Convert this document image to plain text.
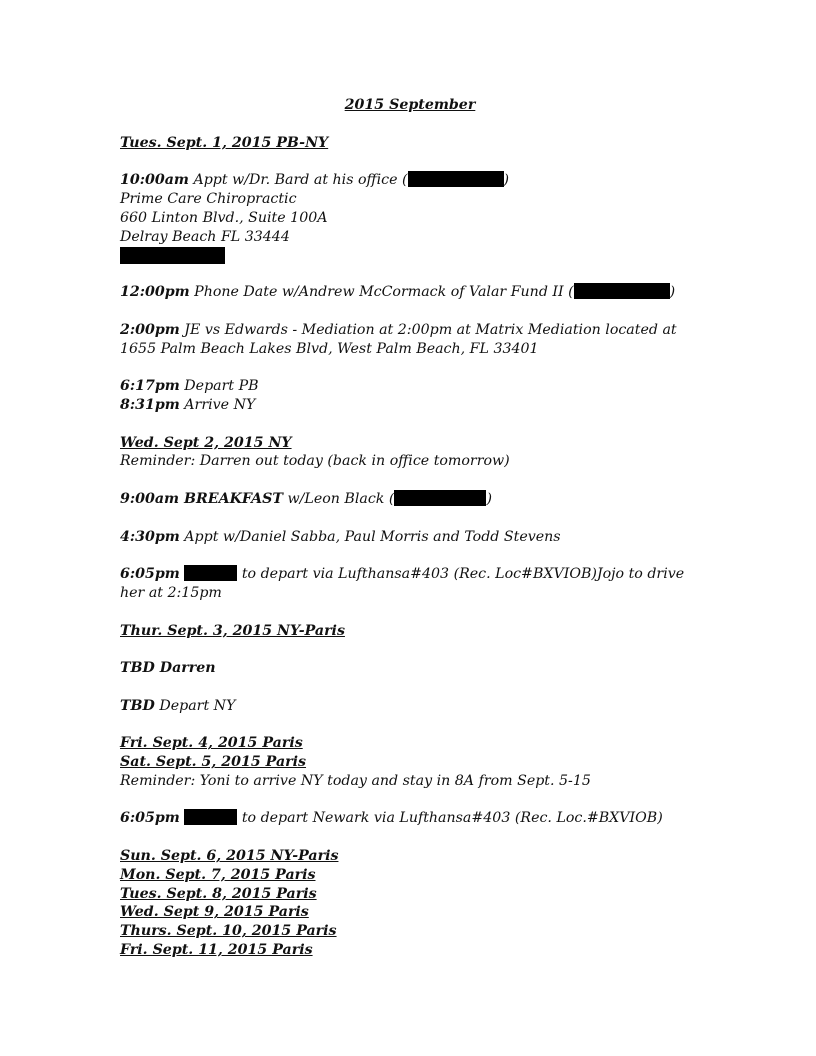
2015 September
Tues. Sept. 1, 2015 PB-NY
10:00am Appt w/Dr. Bard at his office (	)
Prime Care Chiropractic
660 Linton Blvd., Suite 100A
Delray Beach FL 33444
12:00pm Phone Date w/Andrew McCormack of Valar Fund II (	)
2:00pm JE vs Edwards - Mediation at 2:00pm at Matrix Mediation located at 1655 Palm Beach Lakes Blvd, West Palm Beach, FL 33401
6:17pm Depart PB
8:31pm Arrive NY
Wed. Sept 2, 2015 NY
Reminder: Darren out today (back in office tomorrow)
9:00am BREAKFAST w/Leon Black (	)
4:30pm Appt w/Daniel Sabba, Paul Morris and Todd Stevens
6:05pm	to depart via Lufthansa#403 (Rec. Loc#BXVIOB)Jojo to drive her at 2:15pm
Thur. Sept. 3, 2015 NY-Paris
TBD Darren
TBD Depart NY
Fri. Sept. 4, 2015 Paris
Sat. Sept. 5, 2015 Paris
Reminder: Yoni to arrive NY today and stay in 8A from Sept. 5-15
6:05pm	to depart Newark via Lufthansa#403 (Rec. Loc.#BXVIOB)
Sun. Sept. 6, 2015 NY-Paris
Mon. Sept. 7, 2015 Paris
Tues. Sept. 8, 2015 Paris
Wed. Sept 9, 2015 Paris
Thurs. Sept. 10, 2015 Paris
Fri. Sept. 11, 2015 Paris
